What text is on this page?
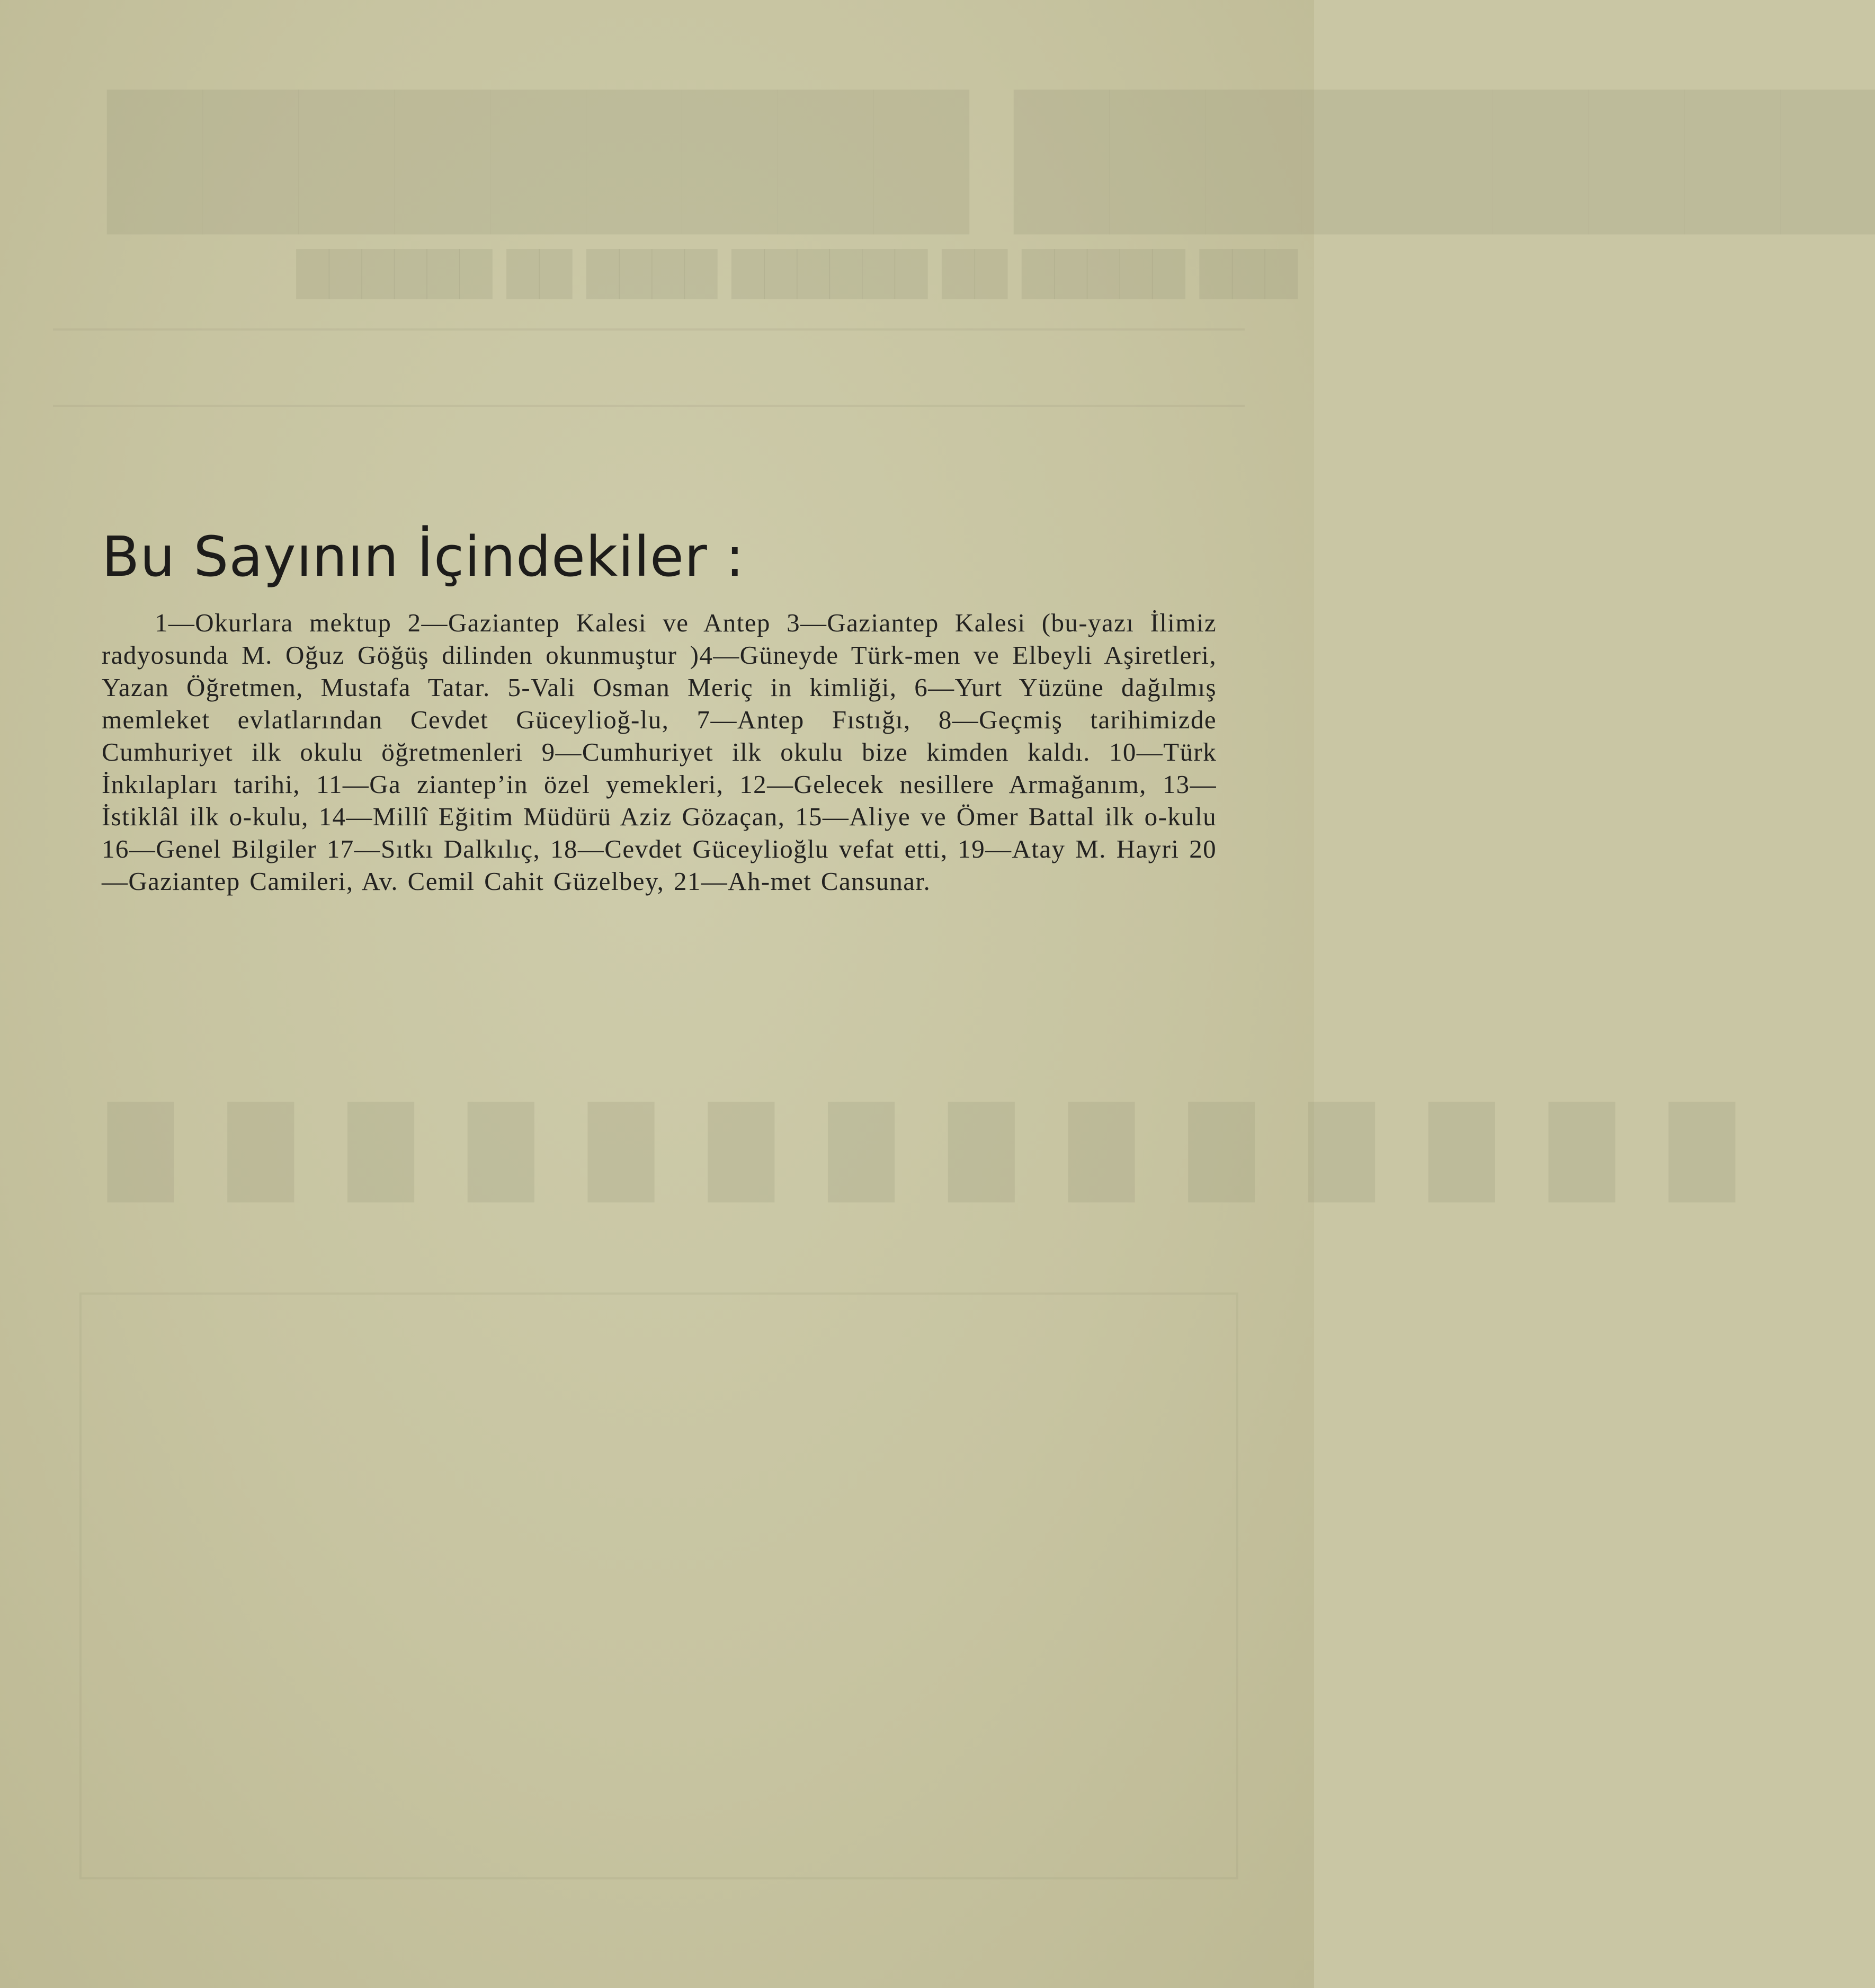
█████████ █████████
███ █████ ██ ██████ ████ ██ ██████
█ █ █ █ █ █ █ █ █ █ █ █ █ █
Bu Sayının İçindekiler :

1—Okurlara mektup 2—Gaziantep Kalesi ve Antep 3—Gaziantep Kalesi (bu-yazı İlimiz radyosunda M. Oğuz Göğüş dilinden okunmuştur )4—Güneyde Türk-men ve Elbeyli Aşiretleri, Yazan Öğretmen, Mustafa Tatar. 5-Vali Osman Meriç in kimliği, 6—Yurt Yüzüne dağılmış memleket evlatlarından Cevdet Güceylioğ-lu, 7—Antep Fıstığı, 8—Geçmiş tarihimizde Cumhuriyet ilk okulu öğretmenleri 9—Cumhuriyet ilk okulu bize kimden kaldı. 10—Türk İnkılapları tarihi, 11—Ga ziantep’in özel yemekleri, 12—Gelecek nesillere Armağanım, 13—İstiklâl ilk o-kulu, 14—Millî Eğitim Müdürü Aziz Gözaçan, 15—Aliye ve Ömer Battal ilk o-kulu 16—Genel Bilgiler 17—Sıtkı Dalkılıç, 18—Cevdet Güceylioğlu vefat etti, 19—Atay M. Hayri 20—Gaziantep Camileri, Av. Cemil Cahit Güzelbey, 21—Ah-met Cansunar.
